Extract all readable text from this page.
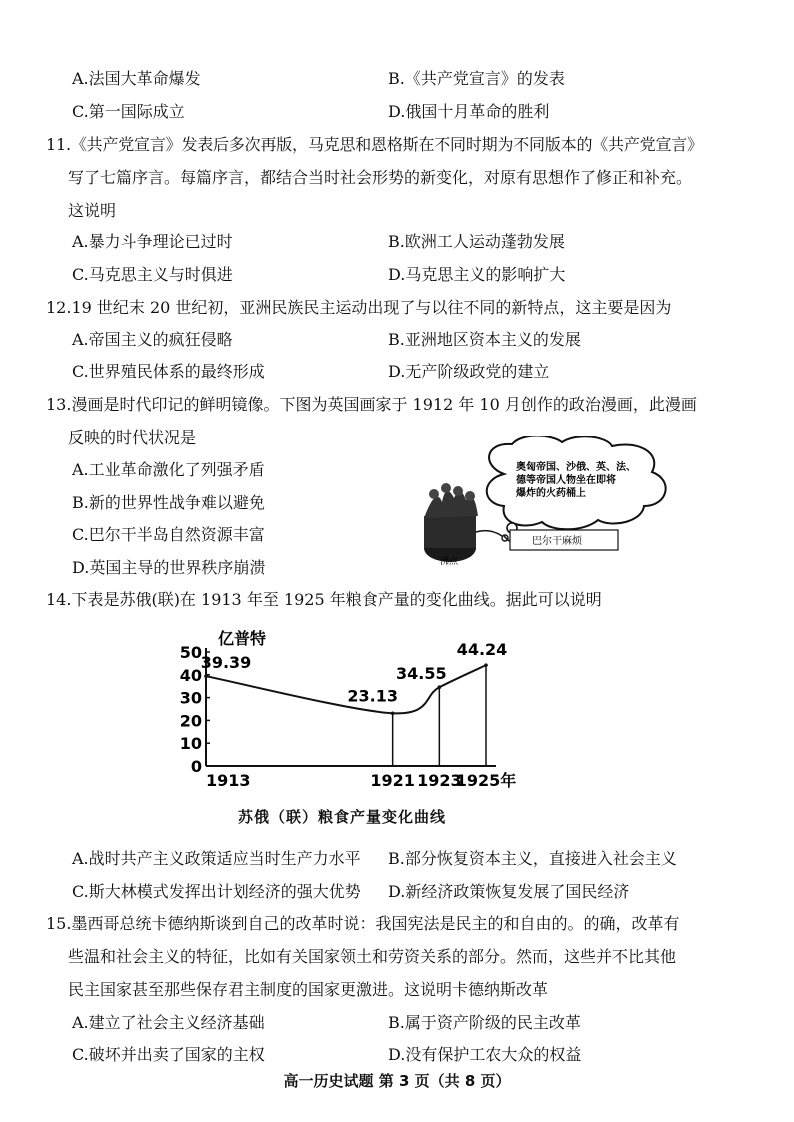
A.法国大革命爆发	B.《共产党宣言》的发表
C.第一国际成立	D.俄国十月革命的胜利
11.《共产党宣言》发表后多次再版，马克思和恩格斯在不同时期为不同版本的《共产党宣言》
写了七篇序言。每篇序言，都结合当时社会形势的新变化，对原有思想作了修正和补充。
这说明
A.暴力斗争理论已过时	B.欧洲工人运动蓬勃发展
C.马克思主义与时俱进	D.马克思主义的影响扩大
12.19 世纪末 20 世纪初，亚洲民族民主运动出现了与以往不同的新特点，这主要是因为
A.帝国主义的疯狂侵略	B.亚洲地区资本主义的发展
C.世界殖民体系的最终形成	D.无产阶级政党的建立
13.漫画是时代印记的鲜明镜像。下图为英国画家于 1912 年 10 月创作的政治漫画，此漫画
反映的时代状况是
A.工业革命激化了列强矛盾
B.新的世界性战争难以避免
C.巴尔干半岛自然资源丰富
D.英国主导的世界秩序崩溃
奥匈帝国、沙俄、英、法、
德等帝国人物坐在即将
爆炸的火药桶上
巴尔干麻烦
沸点
14.下表是苏俄(联)在 1913 年至 1925 年粮食产量的变化曲线。据此可以说明
亿普特
0
10
20
30
40
50
1913	1921 1923
1925年
39.39
23.13
34.55
44.24
苏俄（联）粮食产量变化曲线
A.战时共产主义政策适应当时生产力水平 B.部分恢复资本主义，直接进入社会主义
C.斯大林模式发挥出计划经济的强大优势 D.新经济政策恢复发展了国民经济
15.墨西哥总统卡德纳斯谈到自己的改革时说：我国宪法是民主的和自由的。的确，改革有
些温和社会主义的特征，比如有关国家领土和劳资关系的部分。然而，这些并不比其他
民主国家甚至那些保存君主制度的国家更激进。这说明卡德纳斯改革
A.建立了社会主义经济基础	B.属于资产阶级的民主改革
C.破坏并出卖了国家的主权	D.没有保护工农大众的权益
高一历史试题 第 3 页（共 8 页）
